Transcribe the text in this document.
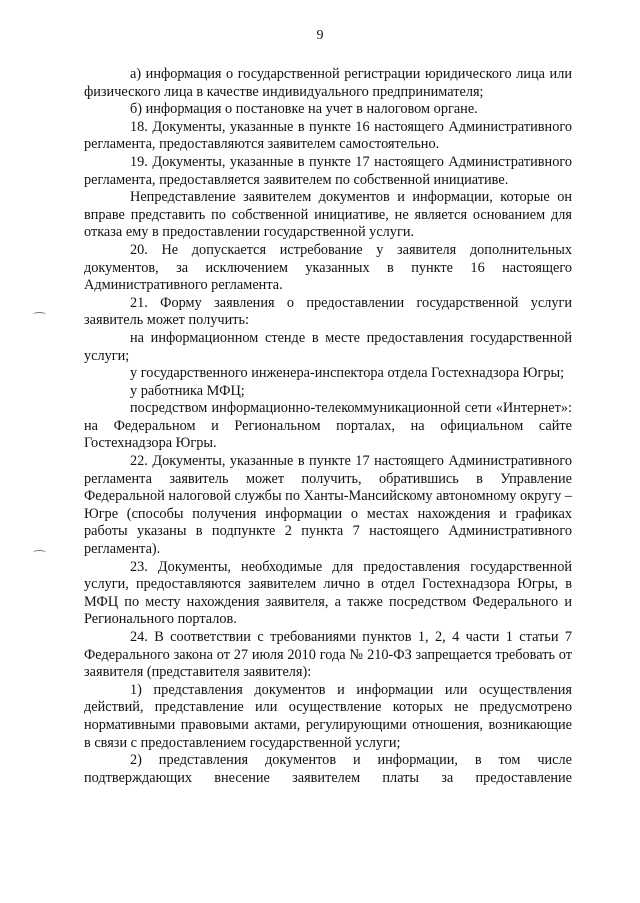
9

а) информация о государственной регистрации юридического лица или физического лица в качестве индивидуального предпринимателя;

б) информация о постановке на учет в налоговом органе.

18. Документы, указанные в пункте 16 настоящего Административного регламента, предоставляются заявителем самостоятельно.

19. Документы, указанные в пункте 17 настоящего Административного регламента, предоставляется заявителем по собственной инициативе.

Непредставление заявителем документов и информации, которые он вправе представить по собственной инициативе, не является основанием для отказа ему в предоставлении государственной услуги.

20. Не допускается истребование у заявителя дополнительных документов, за исключением указанных в пункте 16 настоящего Административного регламента.

21. Форму заявления о предоставлении государственной услуги заявитель может получить:

на информационном стенде в месте предоставления государственной услуги;

у государственного инженера-инспектора отдела Гостехнадзора Югры;

у работника МФЦ;

посредством информационно-телекоммуникационной сети «Интернет»: на Федеральном и Региональном порталах, на официальном сайте Гостехнадзора Югры.

22. Документы, указанные в пункте 17 настоящего Административного регламента заявитель может получить, обратившись в Управление Федеральной налоговой службы по Ханты-Мансийскому автономному округу – Югре (способы получения информации о местах нахождения и графиках работы указаны в подпункте 2 пункта 7 настоящего Административного регламента).

23. Документы, необходимые для предоставления государственной услуги, предоставляются заявителем лично в отдел Гостехнадзора Югры, в МФЦ по месту нахождения заявителя, а также посредством Федерального и Регионального порталов.

24. В соответствии с требованиями пунктов 1, 2, 4 части 1 статьи 7 Федерального закона от 27 июля 2010 года № 210-ФЗ запрещается требовать от заявителя (представителя заявителя):

1) представления документов и информации или осуществления действий, представление или осуществление которых не предусмотрено нормативными правовыми актами, регулирующими отношения, возникающие в связи с предоставлением государственной услуги;

2) представления документов и информации, в том числе подтверждающих внесение заявителем платы за предоставление
